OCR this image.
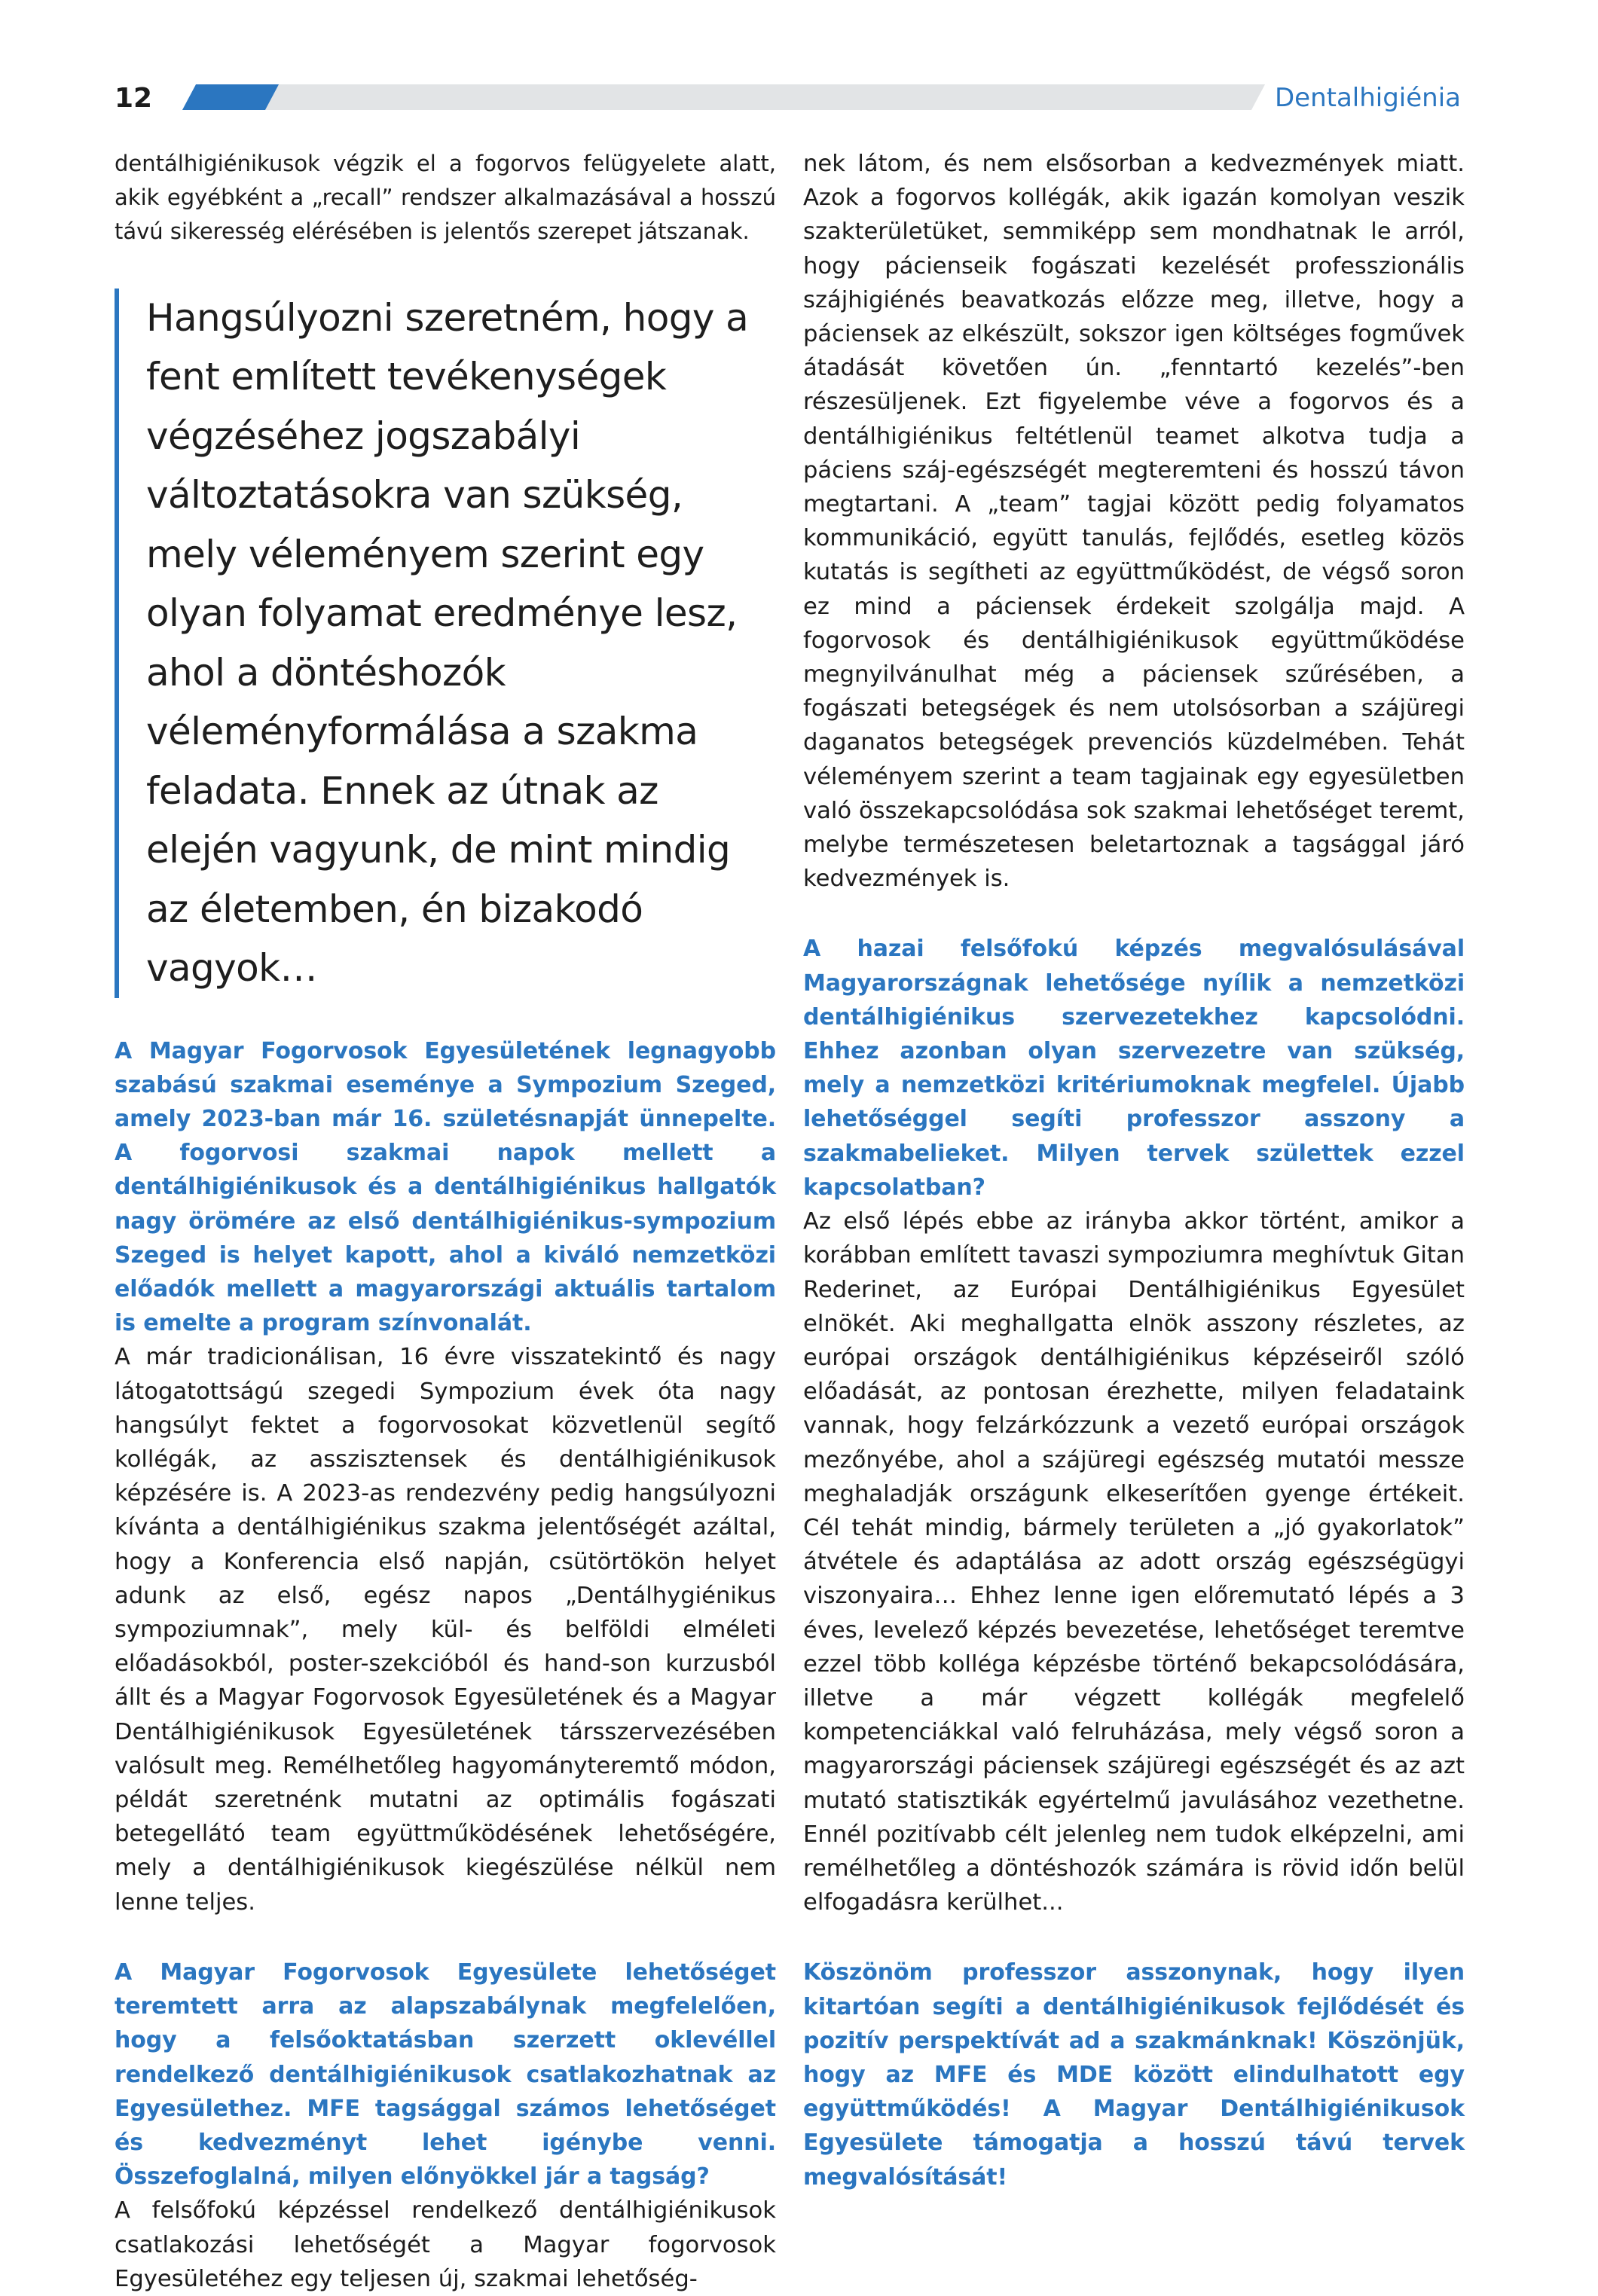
12	Dentalhigiénia

dentálhigiénikusok végzik el a fogorvos felügyelete alatt, akik egyébként a „recall” rendszer alkalmazásával a hosszú távú sikeresség elérésében is jelentős szerepet játszanak.

Hangsúlyozni szeretném, hogy a fent említett tevékenységek végzéséhez jogszabályi változtatásokra van szükség, mely véleményem szerint egy olyan folyamat eredménye lesz, ahol a döntéshozók véleményformálása a szakma feladata. Ennek az útnak az elején vagyunk, de mint mindig az életemben, én bizakodó vagyok…

A Magyar Fogorvosok Egyesületének legnagyobb szabású szakmai eseménye a Sympozium Szeged, amely 2023-ban már 16. születésnapját ünnepelte. A fogorvosi szakmai napok mellett a dentálhigiénikusok és a dentálhigiénikus hallgatók nagy örömére az első dentálhigiénikus-sympozium Szeged is helyet kapott, ahol a kiváló nemzetközi előadók mellett a magyarországi aktuális tartalom is emelte a program színvonalát.

A már tradicionálisan, 16 évre visszatekintő és nagy látogatottságú szegedi Sympozium évek óta nagy hangsúlyt fektet a fogorvosokat közvetlenül segítő kollégák, az asszisztensek és dentálhigiénikusok képzésére is. A 2023-as rendezvény pedig hangsúlyozni kívánta a dentálhigiénikus szakma jelentőségét azáltal, hogy a Konferencia első napján, csütörtökön helyet adunk az első, egész napos „Dentálhygiénikus sympoziumnak”, mely kül- és belföldi elméleti előadásokból, poster-szekcióból és hand-son kurzusból állt és a Magyar Fogorvosok Egyesületének és a Magyar Dentálhigiénikusok Egyesületének társszervezésében valósult meg. Remélhetőleg hagyományteremtő módon, példát szeretnénk mutatni az optimális fogászati betegellátó team együttműködésének lehetőségére, mely a dentálhigiénikusok kiegészülése nélkül nem lenne teljes.

A Magyar Fogorvosok Egyesülete lehetőséget teremtett arra az alapszabálynak megfelelően, hogy a felsőoktatásban szerzett oklevéllel rendelkező dentálhigiénikusok csatlakozhatnak az Egyesülethez. MFE tagsággal számos lehetőséget és kedvezményt lehet igénybe venni. Összefoglalná, milyen előnyökkel jár a tagság?

A felsőfokú képzéssel rendelkező dentálhigiénikusok csatlakozási lehetőségét a Magyar fogorvosok Egyesületéhez egy teljesen új, szakmai lehetőség-

nek látom, és nem elsősorban a kedvezmények miatt. Azok a fogorvos kollégák, akik igazán komolyan veszik szakterületüket, semmiképp sem mondhatnak le arról, hogy pácienseik fogászati kezelését professzionális szájhigiénés beavatkozás előzze meg, illetve, hogy a páciensek az elkészült, sokszor igen költséges fogművek átadását követően ún. „fenntartó kezelés”-ben részesüljenek. Ezt figyelembe véve a fogorvos és a dentálhigiénikus feltétlenül teamet alkotva tudja a páciens száj-egészségét megteremteni és hosszú távon megtartani. A „team” tagjai között pedig folyamatos kommunikáció, együtt tanulás, fejlődés, esetleg közös kutatás is segítheti az együttműködést, de végső soron ez mind a páciensek érdekeit szolgálja majd. A fogorvosok és dentálhigiénikusok együttműködése megnyilvánulhat még a páciensek szűrésében, a fogászati betegségek és nem utolsósorban a szájüregi daganatos betegségek prevenciós küzdelmében. Tehát véleményem szerint a team tagjainak egy egyesületben való összekapcsolódása sok szakmai lehetőséget teremt, melybe természetesen beletartoznak a tagsággal járó kedvezmények is.

A hazai felsőfokú képzés megvalósulásával Magyarországnak lehetősége nyílik a nemzetközi dentálhigiénikus szervezetekhez kapcsolódni. Ehhez azonban olyan szervezetre van szükség, mely a nemzetközi kritériumoknak megfelel. Újabb lehetőséggel segíti professzor asszony a szakmabelieket. Milyen tervek születtek ezzel kapcsolatban?

Az első lépés ebbe az irányba akkor történt, amikor a korábban említett tavaszi sympoziumra meghívtuk Gitan Rederinet, az Európai Dentálhigiénikus Egyesület elnökét. Aki meghallgatta elnök asszony részletes, az európai országok dentálhigiénikus képzéseiről szóló előadását, az pontosan érezhette, milyen feladataink vannak, hogy felzárkózzunk a vezető európai országok mezőnyébe, ahol a szájüregi egészség mutatói messze meghaladják országunk elkeserítően gyenge értékeit. Cél tehát mindig, bármely területen a „jó gyakorlatok” átvétele és adaptálása az adott ország egészségügyi viszonyaira… Ehhez lenne igen előremutató lépés a 3 éves, levelező képzés bevezetése, lehetőséget teremtve ezzel több kolléga képzésbe történő bekapcsolódására, illetve a már végzett kollégák megfelelő kompetenciákkal való felruházása, mely végső soron a magyarországi páciensek szájüregi egészségét és az azt mutató statisztikák egyértelmű javulásához vezethetne. Ennél pozitívabb célt jelenleg nem tudok elképzelni, ami remélhetőleg a döntéshozók számára is rövid időn belül elfogadásra kerülhet...

Köszönöm professzor asszonynak, hogy ilyen kitartóan segíti a dentálhigiénikusok fejlődését és pozitív perspektívát ad a szakmánknak! Köszönjük, hogy az MFE és MDE között elindulhatott egy együttműködés! A Magyar Dentálhigiénikusok Egyesülete támogatja a hosszú távú tervek megvalósítását!
